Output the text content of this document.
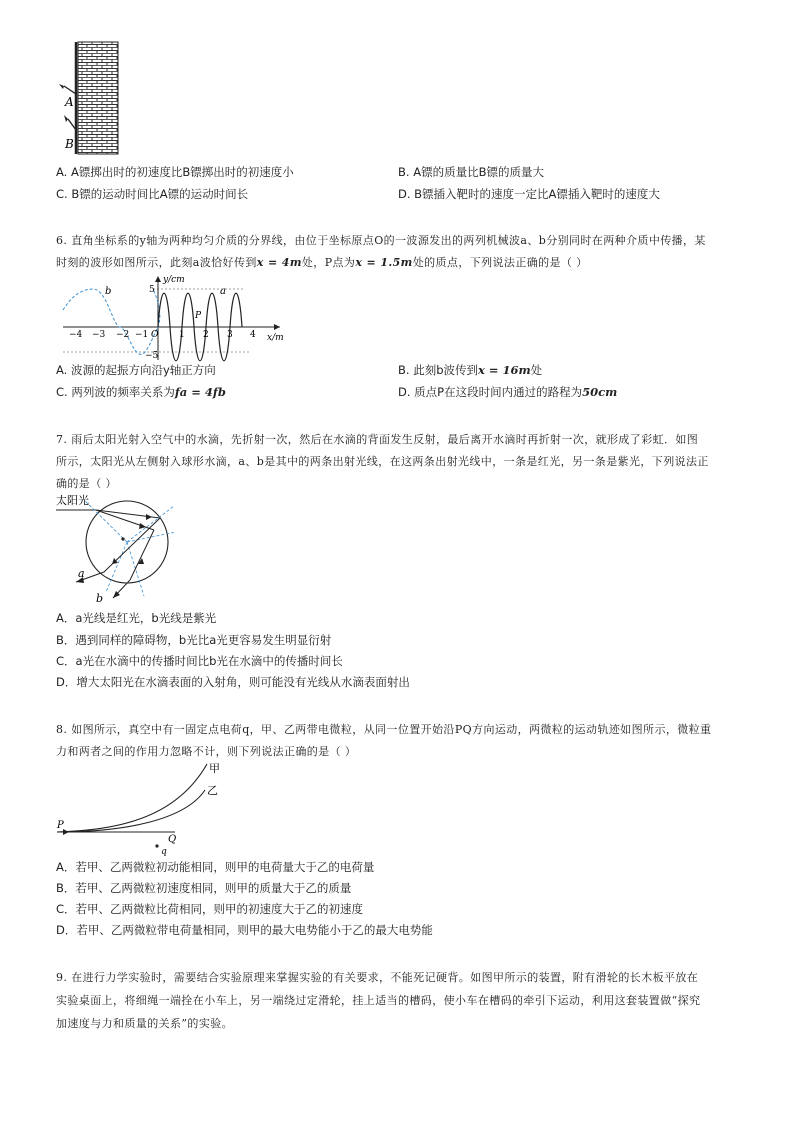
A
B
A. A镖掷出时的初速度比B镖掷出时的初速度小	B. A镖的质量比B镖的质量大
C. B镖的运动时间比A镖的运动时间长	D. B镖插入靶时的速度一定比A镖插入靶时的速度大
6. 直角坐标系的y轴为两种均匀介质的分界线，由位于坐标原点O的一波源发出的两列机械波a、b分别同时在两种介质中传播，某
时刻的波形如图所示，此刻a波恰好传到x = 4m处，P点为x = 1.5m处的质点，下列说法正确的是（ ）
y/cm
x/m
5
−5
O
a
b
P
−4 −3 −2 −1	1 2 3 4
A. 波源的起振方向沿y轴正方向	B. 此刻b波传到x = 16m处
C. 两列波的频率关系为fa = 4fb	D. 质点P在这段时间内通过的路程为50cm
7. 雨后太阳光射入空气中的水滴，先折射一次，然后在水滴的背面发生反射，最后离开水滴时再折射一次，就形成了彩虹．如图
所示，太阳光从左侧射入球形水滴，a、b是其中的两条出射光线，在这两条出射光线中，一条是红光，另一条是紫光，下列说法正
确的是（ ）
太阳光
a
b
A．a光线是红光，b光线是紫光
B．遇到同样的障碍物，b光比a光更容易发生明显衍射
C．a光在水滴中的传播时间比b光在水滴中的传播时间长
D．增大太阳光在水滴表面的入射角，则可能没有光线从水滴表面射出
8. 如图所示，真空中有一固定点电荷q，甲、乙两带电微粒，从同一位置开始沿PQ方向运动，两微粒的运动轨迹如图所示，微粒重
力和两者之间的作用力忽略不计，则下列说法正确的是（ ）
甲
乙
P
Q
q
A．若甲、乙两微粒初动能相同，则甲的电荷量大于乙的电荷量
B．若甲、乙两微粒初速度相同，则甲的质量大于乙的质量
C．若甲、乙两微粒比荷相同，则甲的初速度大于乙的初速度
D．若甲、乙两微粒带电荷量相同，则甲的最大电势能小于乙的最大电势能
9. 在进行力学实验时，需要结合实验原理来掌握实验的有关要求，不能死记硬背。如图甲所示的装置，附有滑轮的长木板平放在
实验桌面上，将细绳一端拴在小车上，另一端绕过定滑轮，挂上适当的槽码，使小车在槽码的牵引下运动，利用这套装置做“探究
加速度与力和质量的关系”的实验。
